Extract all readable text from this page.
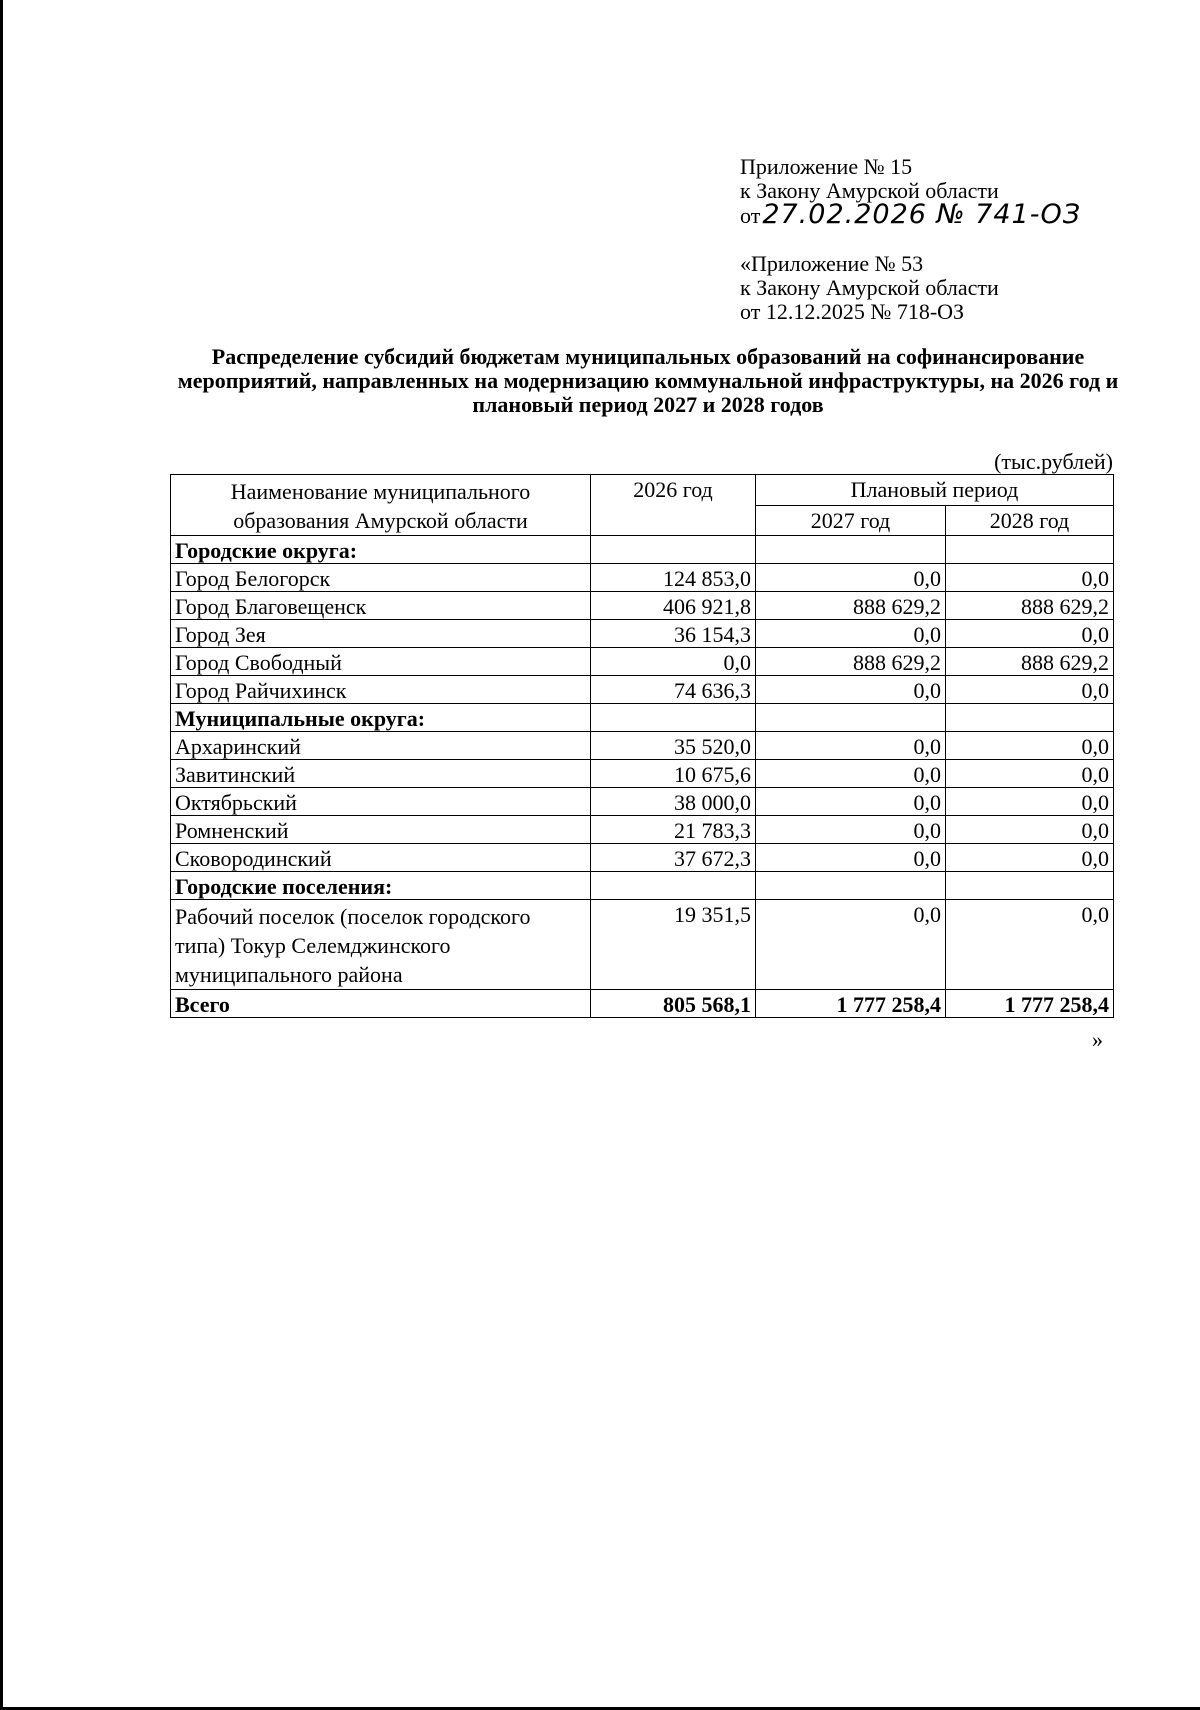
Приложение № 15
к Закону Амурской области
от27.02.2026 № 741-ОЗ
«Приложение № 53
к Закону Амурской области
от 12.12.2025 № 718-ОЗ
Распределение субсидий бюджетам муниципальных образований на софинансирование мероприятий, направленных на модернизацию коммунальной инфраструктуры, на 2026 год и плановый период 2027 и 2028 годов
(тыс.рублей)
Наименование муниципального образования Амурской области	2026 год	Плановый период	
		2027 год	2028 год
Городские округа:			
Город Белогорск	124 853,0	0,0	0,0
Город Благовещенск	406 921,8	888 629,2	888 629,2
Город Зея	36 154,3	0,0	0,0
Город Свободный	0,0	888 629,2	888 629,2
Город Райчихинск	74 636,3	0,0	0,0
Муниципальные округа:			
Архаринский	35 520,0	0,0	0,0
Завитинский	10 675,6	0,0	0,0
Октябрьский	38 000,0	0,0	0,0
Ромненский	21 783,3	0,0	0,0
Сковородинский	37 672,3	0,0	0,0
Городские поселения:			
Рабочий поселок (поселок городского типа) Токур Селемджинского муниципального района	19 351,5	0,0	0,0
Всего	805 568,1	1 777 258,4	1 777 258,4
»
